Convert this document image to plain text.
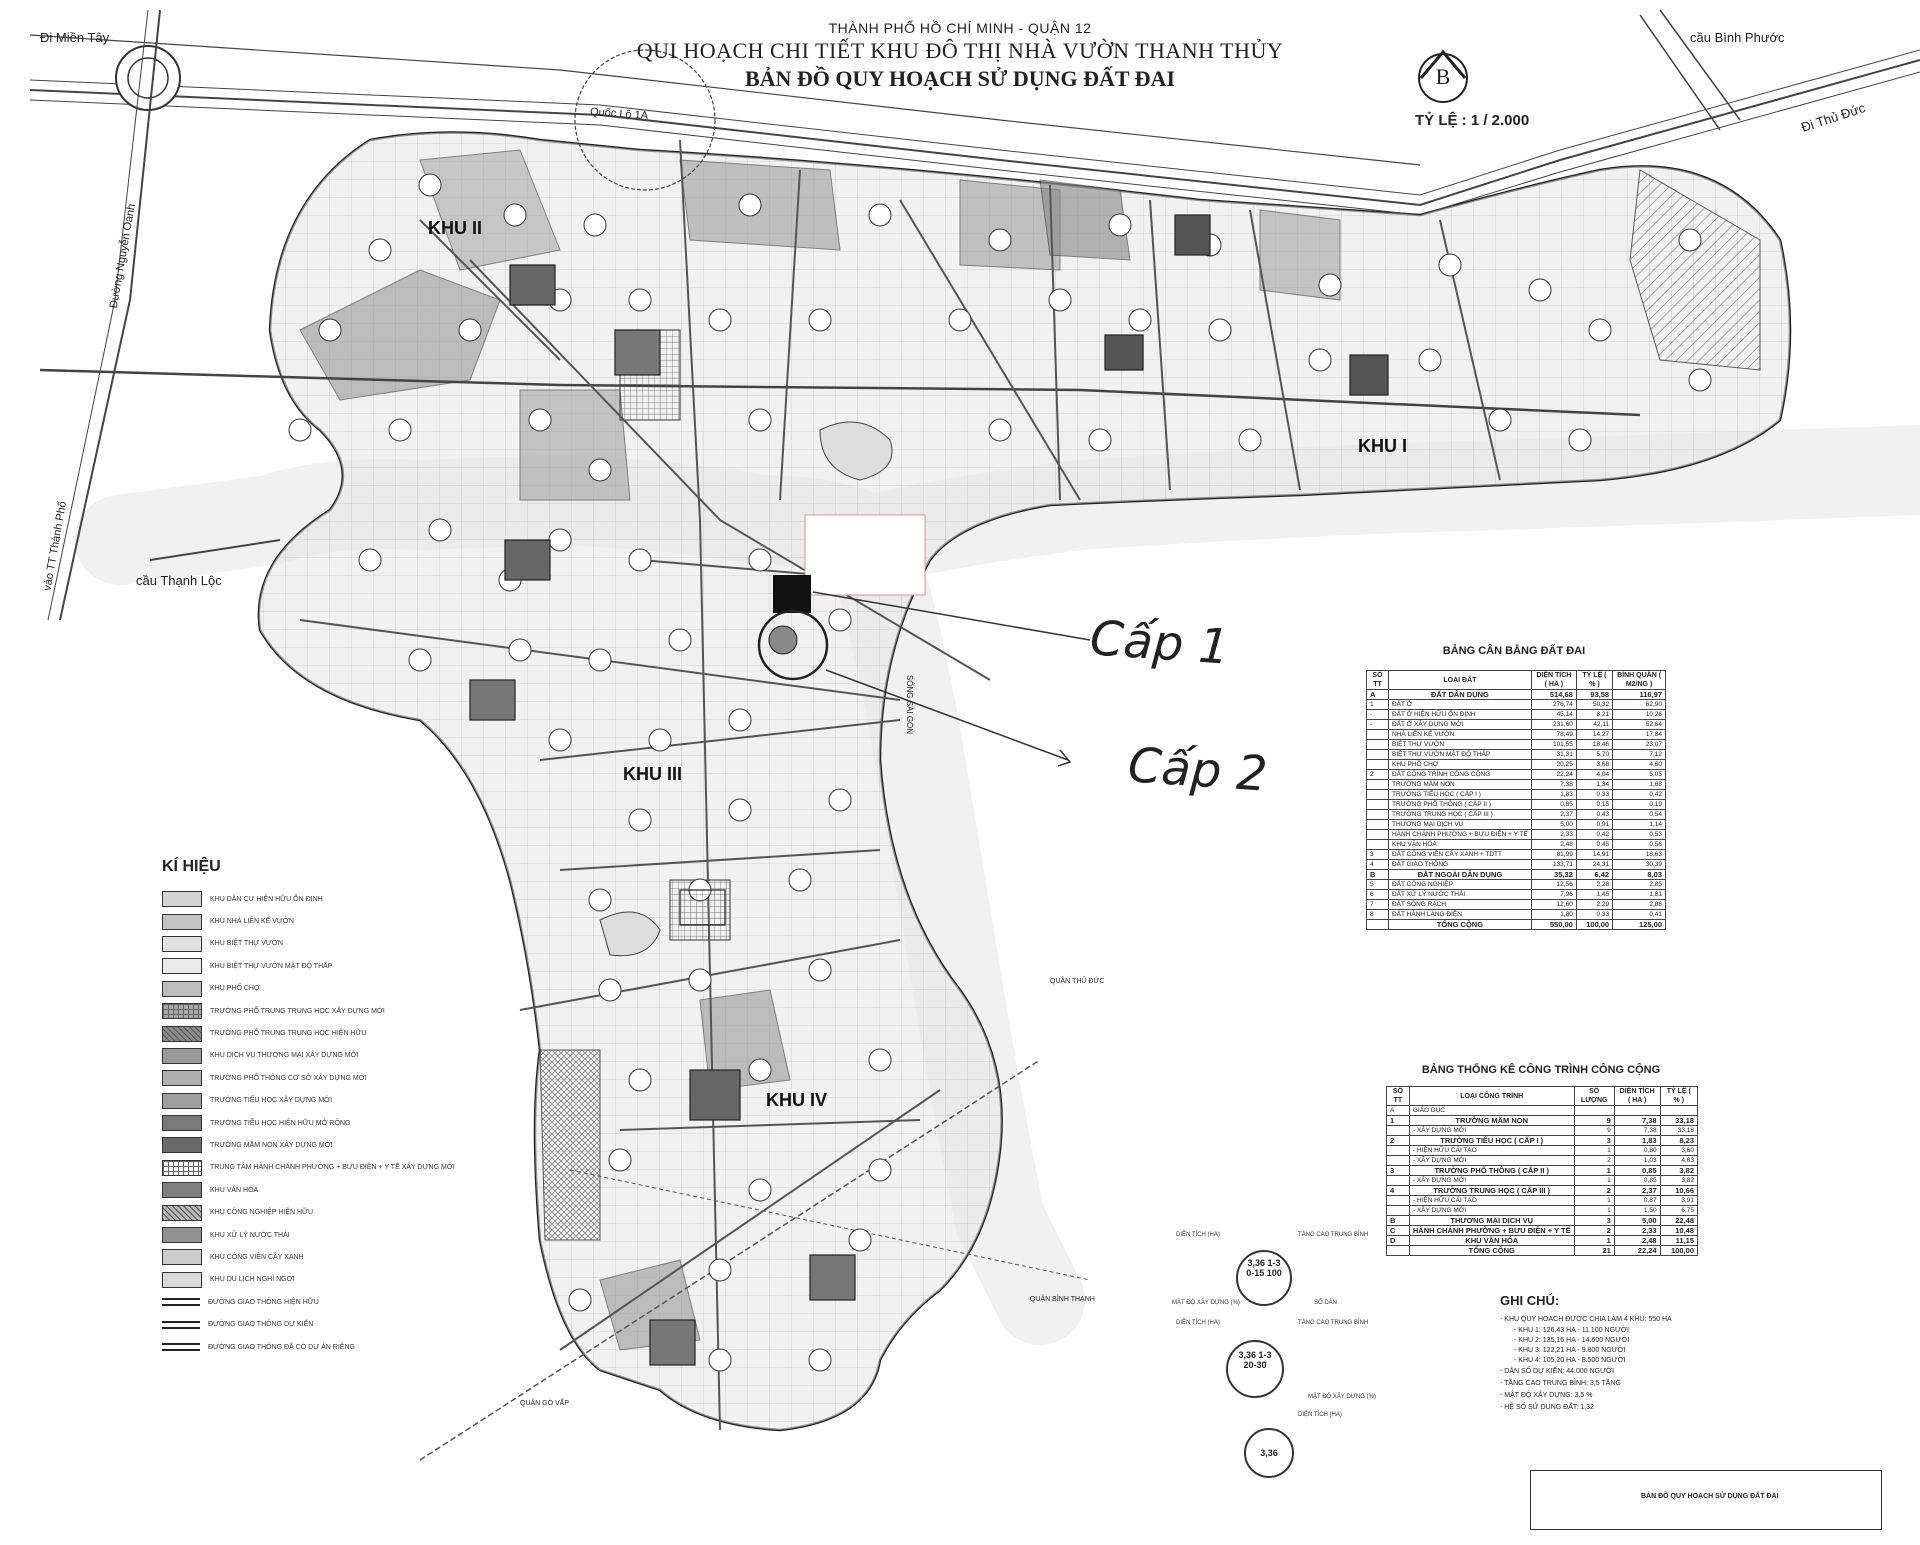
THÀNH PHỐ HỒ CHÍ MINH - QUẬN 12
QUI HOẠCH CHI TIẾT KHU ĐÔ THỊ NHÀ VƯỜN THANH THỦY
BẢN ĐỒ QUY HOẠCH SỬ DỤNG ĐẤT ĐAI	B
TỶ LỆ : 1 / 2.000
Đi Miền Tây	cầu Bình Phước
Đi Thủ Đức
Quốc Lộ 1A
Đường Nguyễn Oanh
vào TT Thành Phố	cầu Thạnh Lộc
SÔNG SÀI GÒN
QUẬN THỦ ĐỨC
QUẬN BÌNH THẠNH
QUẬN GÒ VẤP
KHU II
KHU I
KHU III
KHU IV
Cấp 1
Cấp 2
KÍ HIỆU
KHU DÂN CƯ HIỆN HỮU ỔN ĐỊNH
KHU NHÀ LIÊN KẾ VƯỜN
KHU BIỆT THỰ VƯỜN
KHU BIỆT THỰ VƯỜN MẬT ĐỘ THẤP
KHU PHỐ CHỢ
TRƯỜNG PHỔ TRUNG TRUNG HỌC XÂY DỰNG MỚI
TRƯỜNG PHỔ TRUNG TRUNG HỌC HIỆN HỮU
KHU DỊCH VỤ THƯƠNG MẠI XÂY DỰNG MỚI
TRƯỜNG PHỔ THÔNG CƠ SỞ XÂY DỰNG MỚI
TRƯỜNG TIỂU HỌC XÂY DỰNG MỚI
TRƯỜNG TIỂU HỌC HIỆN HỮU MỞ RỘNG
TRƯỜNG MẦM NON XÂY DỰNG MỚI
TRUNG TÂM HÀNH CHÁNH PHƯỜNG + BƯU ĐIỆN + Y TẾ XÂY DỰNG MỚI
KHU VĂN HÓA
KHU CÔNG NGHIỆP HIỆN HỮU
KHU XỬ LÝ NƯỚC THẢI
KHU CÔNG VIÊN CÂY XANH
KHU DU LỊCH NGHỈ NGƠI
ĐƯỜNG GIAO THÔNG HIỆN HỮU
ĐƯỜNG GIAO THÔNG DỰ KIẾN
ĐƯỜNG GIAO THÔNG ĐÃ CÓ DỰ ÁN RIÊNG
BẢNG CÂN BẰNG ĐẤT ĐAI
SỐ TT	LOẠI ĐẤT	DIỆN TÍCH ( HA )	TỶ LỆ ( % )	BÌNH QUÂN ( M2/NG )
A	ĐẤT DÂN DỤNG	514,68	93,58	116,97
1	ĐẤT Ở	276,74	50,32	62,90
-	ĐẤT Ở HIỆN HỮU ỔN ĐỊNH	45,14	8,21	10,26
-	ĐẤT Ở XÂY DỰNG MỚI	231,60	42,11	52,64
	NHÀ LIÊN KẾ VƯỜN	78,49	14,27	17,84
	BIỆT THỰ VƯỜN	101,55	18,46	23,07
	BIỆT THỰ VƯỜN MẬT ĐỘ THẤP	31,31	5,70	7,12
	KHU PHỐ CHỢ	20,25	3,68	4,60
2	ĐẤT CÔNG TRÌNH CÔNG CỘNG	22,24	4,04	5,05
	TRƯỜNG MẦM NON	7,38	1,34	1,68
	TRƯỜNG TIỂU HỌC ( CẤP I )	1,83	0,33	0,42
	TRƯỜNG PHỔ THÔNG ( CẤP II )	0,85	0,15	0,19
	TRƯỜNG TRUNG HỌC ( CẤP III )	2,37	0,43	0,54
	THƯƠNG MẠI DỊCH VỤ	5,00	0,91	1,14
	HÀNH CHÁNH PHƯỜNG + BƯU ĐIỆN + Y TẾ	2,33	0,42	0,53
	KHU VĂN HÓA	2,48	0,45	0,56
3	ĐẤT CÔNG VIÊN CÂY XANH + TDTT	81,99	14,91	18,63
4	ĐẤT GIAO THÔNG	133,71	24,31	30,39
B	ĐẤT NGOÀI DÂN DỤNG	35,32	6,42	8,03
5	ĐẤT CÔNG NGHIỆP	12,56	2,28	2,85
6	ĐẤT XỬ LÝ NƯỚC THẢI	7,96	1,45	1,81
7	ĐẤT SÔNG RẠCH	12,60	2,29	2,86
8	ĐẤT HÀNH LANG ĐIỆN	1,80	0,33	0,41
	TỔNG CỘNG	550,00	100,00	125,00
BẢNG THỐNG KÊ CÔNG TRÌNH CÔNG CỘNG
SỐ TT	LOẠI CÔNG TRÌNH	SỐ LƯỢNG	DIỆN TÍCH ( HA )	TỶ LỆ ( % )
A	GIÁO DỤC			
1	TRƯỜNG MẦM NON	9	7,38	33,18
	- XÂY DỰNG MỚI	9	7,38	33,18
2	TRƯỜNG TIỂU HỌC ( CẤP I )	3	1,83	8,23
	- HIỆN HỮU CẢI TẠO	1	0,80	3,60
	- XÂY DỰNG MỚI	2	1,03	4,63
3	TRƯỜNG PHỔ THÔNG ( CẤP II )	1	0,85	3,82
	- XÂY DỰNG MỚI	1	0,85	3,82
4	TRƯỜNG TRUNG HỌC ( CẤP III )	2	2,37	10,66
	- HIỆN HỮU CẢI TẠO	1	0,87	3,91
	- XÂY DỰNG MỚI	1	1,50	6,75
B	THƯƠNG MẠI DỊCH VỤ	3	5,00	22,48
C	HÀNH CHÁNH PHƯỜNG + BƯU ĐIỆN + Y TẾ	2	2,33	10,48
D	KHU VĂN HÓA	1	2,48	11,15
	TỔNG CỘNG	21	22,24	100,00
GHI CHÚ:
- KHU QUY HOẠCH ĐƯỢC CHIA LÀM 4 KHU: 550 HA
- KHU 1: 126,43 HA - 11.100 NGƯỜI
- KHU 2: 135,16 HA - 14.600 NGƯỜI
- KHU 3: 122,21 HA - 9.800 NGƯỜI
- KHU 4: 105,20 HA - 8.500 NGƯỜI
- DÂN SỐ DỰ KIẾN: 44.000 NGƯỜI
- TẦNG CAO TRUNG BÌNH: 3,5 TẦNG
- MẬT ĐỘ XÂY DỰNG: 3,5 %
- HỆ SỐ SỬ DỤNG ĐẤT: 1,32
DIỆN TÍCH (HA)	TẦNG CAO TRUNG BÌNH
MẬT ĐỘ XÂY DỰNG (%)	SỐ DÂN
3,36 1-3
0-15 100
DIỆN TÍCH (HA)	TẦNG CAO TRUNG BÌNH
MẬT ĐỘ XÂY DỰNG (%)
3,36 1-3
20-30
DIỆN TÍCH (HA)
3,36
BẢN ĐỒ QUY HOẠCH SỬ DỤNG ĐẤT ĐAI
